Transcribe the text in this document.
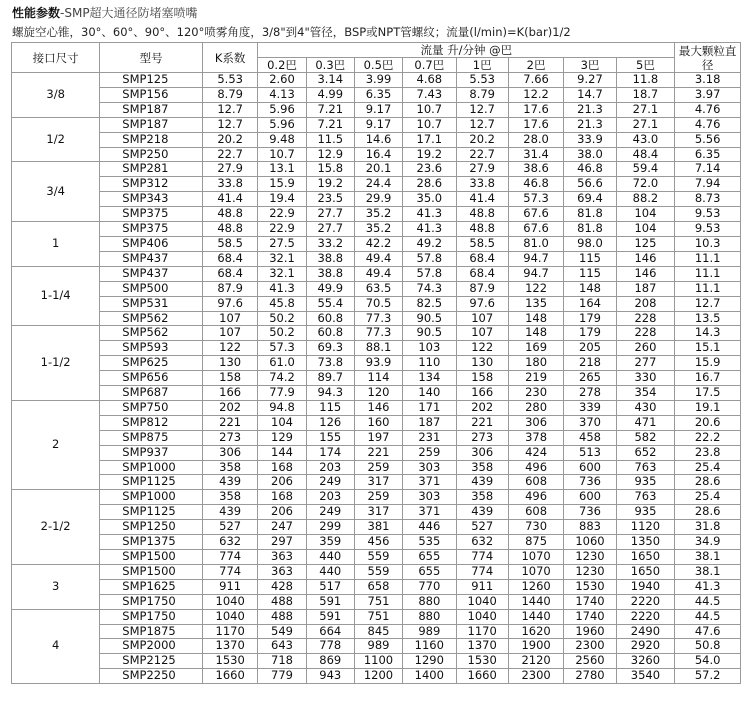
性能参数-SMP超大通径防堵塞喷嘴
螺旋空心锥，30°、60°、90°、120°喷雾角度，3/8"到4"管径，BSP或NPT管螺纹；流量(l/min)=K(bar)1/2
接口尺寸	型号	K系数	流量 升/分钟 @巴								最大颗粒直径
			0.2巴	0.3巴	0.5巴	0.7巴	1巴	2巴	3巴	5巴	
3/8	SMP125	5.53	2.60	3.14	3.99	4.68	5.53	7.66	9.27	11.8	3.18
	SMP156	8.79	4.13	4.99	6.35	7.43	8.79	12.2	14.7	18.7	3.97
	SMP187	12.7	5.96	7.21	9.17	10.7	12.7	17.6	21.3	27.1	4.76
1/2	SMP187	12.7	5.96	7.21	9.17	10.7	12.7	17.6	21.3	27.1	4.76
	SMP218	20.2	9.48	11.5	14.6	17.1	20.2	28.0	33.9	43.0	5.56
	SMP250	22.7	10.7	12.9	16.4	19.2	22.7	31.4	38.0	48.4	6.35
3/4	SMP281	27.9	13.1	15.8	20.1	23.6	27.9	38.6	46.8	59.4	7.14
	SMP312	33.8	15.9	19.2	24.4	28.6	33.8	46.8	56.6	72.0	7.94
	SMP343	41.4	19.4	23.5	29.9	35.0	41.4	57.3	69.4	88.2	8.73
	SMP375	48.8	22.9	27.7	35.2	41.3	48.8	67.6	81.8	104	9.53
1	SMP375	48.8	22.9	27.7	35.2	41.3	48.8	67.6	81.8	104	9.53
	SMP406	58.5	27.5	33.2	42.2	49.2	58.5	81.0	98.0	125	10.3
	SMP437	68.4	32.1	38.8	49.4	57.8	68.4	94.7	115	146	11.1
1-1/4	SMP437	68.4	32.1	38.8	49.4	57.8	68.4	94.7	115	146	11.1
	SMP500	87.9	41.3	49.9	63.5	74.3	87.9	122	148	187	11.1
	SMP531	97.6	45.8	55.4	70.5	82.5	97.6	135	164	208	12.7
	SMP562	107	50.2	60.8	77.3	90.5	107	148	179	228	13.5
1-1/2	SMP562	107	50.2	60.8	77.3	90.5	107	148	179	228	14.3
	SMP593	122	57.3	69.3	88.1	103	122	169	205	260	15.1
	SMP625	130	61.0	73.8	93.9	110	130	180	218	277	15.9
	SMP656	158	74.2	89.7	114	134	158	219	265	330	16.7
	SMP687	166	77.9	94.3	120	140	166	230	278	354	17.5
2	SMP750	202	94.8	115	146	171	202	280	339	430	19.1
	SMP812	221	104	126	160	187	221	306	370	471	20.6
	SMP875	273	129	155	197	231	273	378	458	582	22.2
	SMP937	306	144	174	221	259	306	424	513	652	23.8
	SMP1000	358	168	203	259	303	358	496	600	763	25.4
	SMP1125	439	206	249	317	371	439	608	736	935	28.6
2-1/2	SMP1000	358	168	203	259	303	358	496	600	763	25.4
	SMP1125	439	206	249	317	371	439	608	736	935	28.6
	SMP1250	527	247	299	381	446	527	730	883	1120	31.8
	SMP1375	632	297	359	456	535	632	875	1060	1350	34.9
	SMP1500	774	363	440	559	655	774	1070	1230	1650	38.1
3	SMP1500	774	363	440	559	655	774	1070	1230	1650	38.1
	SMP1625	911	428	517	658	770	911	1260	1530	1940	41.3
	SMP1750	1040	488	591	751	880	1040	1440	1740	2220	44.5
4	SMP1750	1040	488	591	751	880	1040	1440	1740	2220	44.5
	SMP1875	1170	549	664	845	989	1170	1620	1960	2490	47.6
	SMP2000	1370	643	778	989	1160	1370	1900	2300	2920	50.8
	SMP2125	1530	718	869	1100	1290	1530	2120	2560	3260	54.0
	SMP2250	1660	779	943	1200	1400	1660	2300	2780	3540	57.2
